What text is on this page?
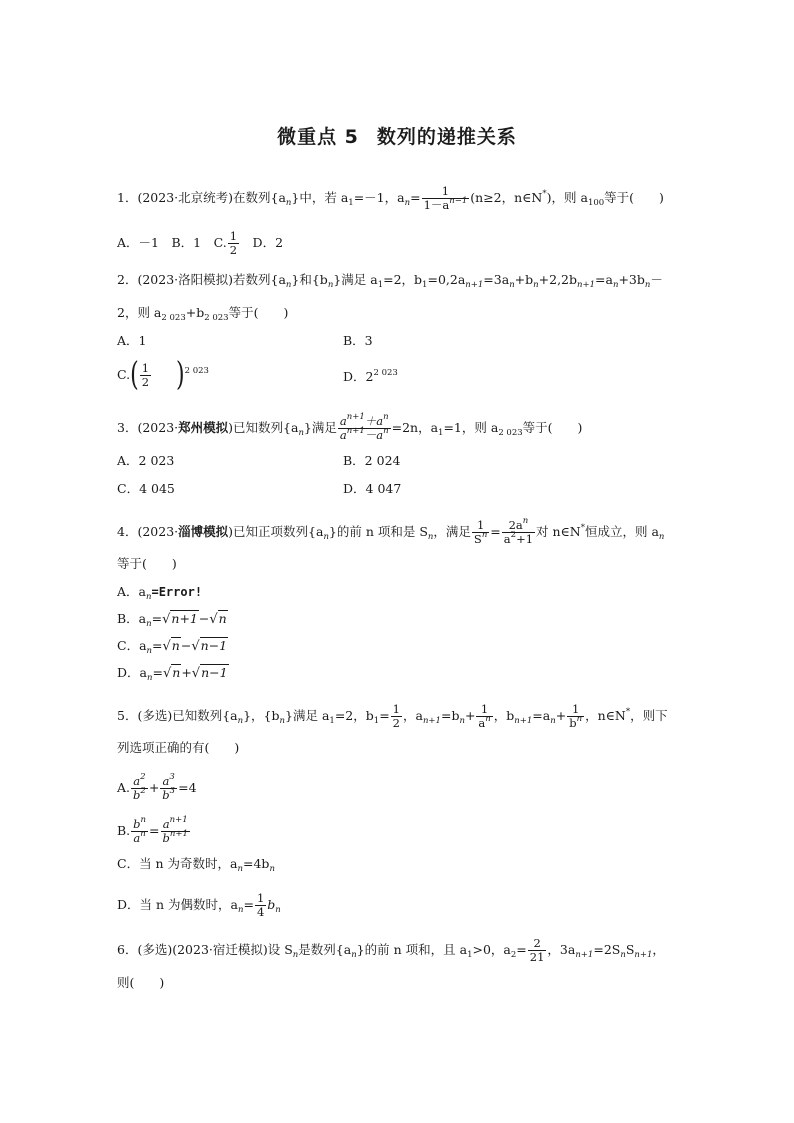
微重点 5 数列的递推关系
1．(2023·北京统考)在数列$\{a_n\}$中，若 $a_1=-1$，$a_n= \frac{1}{1-a^{n-1}} (n\ge 2$，n∈N*)，则 $a_{100}$等于(　　)
A．－1　B．1　C. $\frac{1}{2}$ 　D．2
2．(2023·洛阳模拟)若数列$\{a_n\}$和$\{b_n\}$满足 $a_1=2$，$b_1=0,2a_{n+1}=3a_n+b_n+2,2b_{n+1}=a_n+3b_n-$
2，则 $a_{2 023}+b_{2 023}$等于(　　)
A．1	B．3
$C.( \frac{1}{2} )^{2 023}$	D．$2^{2 023}$
3．(2023·郑州模拟)已知数列$\{a_n\}$满足 $\frac{a^{n+1}+a^n}{a^{n+1}-a^n} =2n$，$a_1=1$，则 $a_{2 023}$等于(　　)
A．2 023	B．2 024
C．4 045	D．4 047
4．(2023·淄博模拟)已知正项数列$\{a_n\}$的前 n 项和是 $S_n$，满足 $\frac{1}{S^n} = \frac{2a^n}{a^2+1}$ 对 n∈N*恒成立，则 $a_n$
等于(　　)
A．$a_n=Error$!
B．$a_n=√n+1-√n$
C．$a_n=√n-√n-1$
D．$a_n=√n+√n-1$
5．(多选)已知数列$\{a_n\}$，$\{b_n\}$满足 $a_1=2$，$b_1= \frac{1}{2}$ ，$a_{n+1}=b_n+ \frac{1}{a^n}$ ，$b_{n+1}=a_n+ \frac{1}{b^n}$ ，n∈N*，则下
列选项正确的有(　　)
A. $\frac{a^2}{b^2} + \frac{a^3}{b^3} =4$
B. $\frac{b^n}{a^n} = \frac{a^{n+1}}{b^{n+1}}$
C．当 n 为奇数时，$a_n=4b_n$
D．当 n 为偶数时，$a_n= \frac{1}{4} b_n$
6．(多选)(2023·宿迁模拟)设 $S_n$是数列$\{a_n\}$的前 n 项和，且 $a_1>0$，$a_2= \frac{2}{21}$ ，$3a_{n+1}=2S_nS_{n+1}$，
则(　　)
